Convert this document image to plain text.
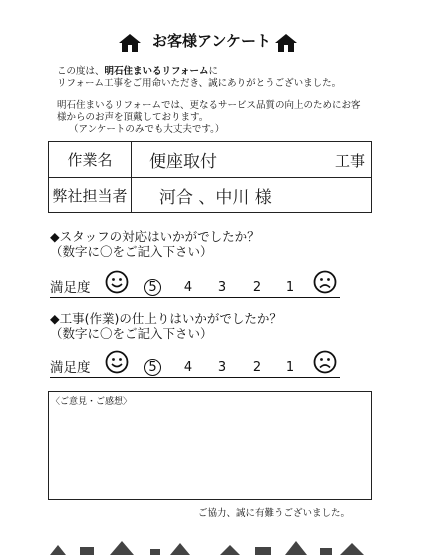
お客様アンケート
この度は、明石住まいるリフォームに
リフォーム工事をご用命いただき、誠にありがとうございました。
明石住まいるリフォームでは、更なるサービス品質の向上のためにお客
様からのお声を頂戴しております。
（アンケートのみでも大丈夫です。）
作業名	便座取付	工事
弊社担当者 河合 、中川 様
◆スタッフの対応はいかがでしたか？
（数字に〇をご記入下さい）
満足度	5	4 3 2 1
◆工事(作業)の仕上りはいかがでしたか？
（数字に〇をご記入下さい）
満足度	5	4 3 2 1
〈ご意見・ご感想〉
ご協力、誠に有難うございました。
